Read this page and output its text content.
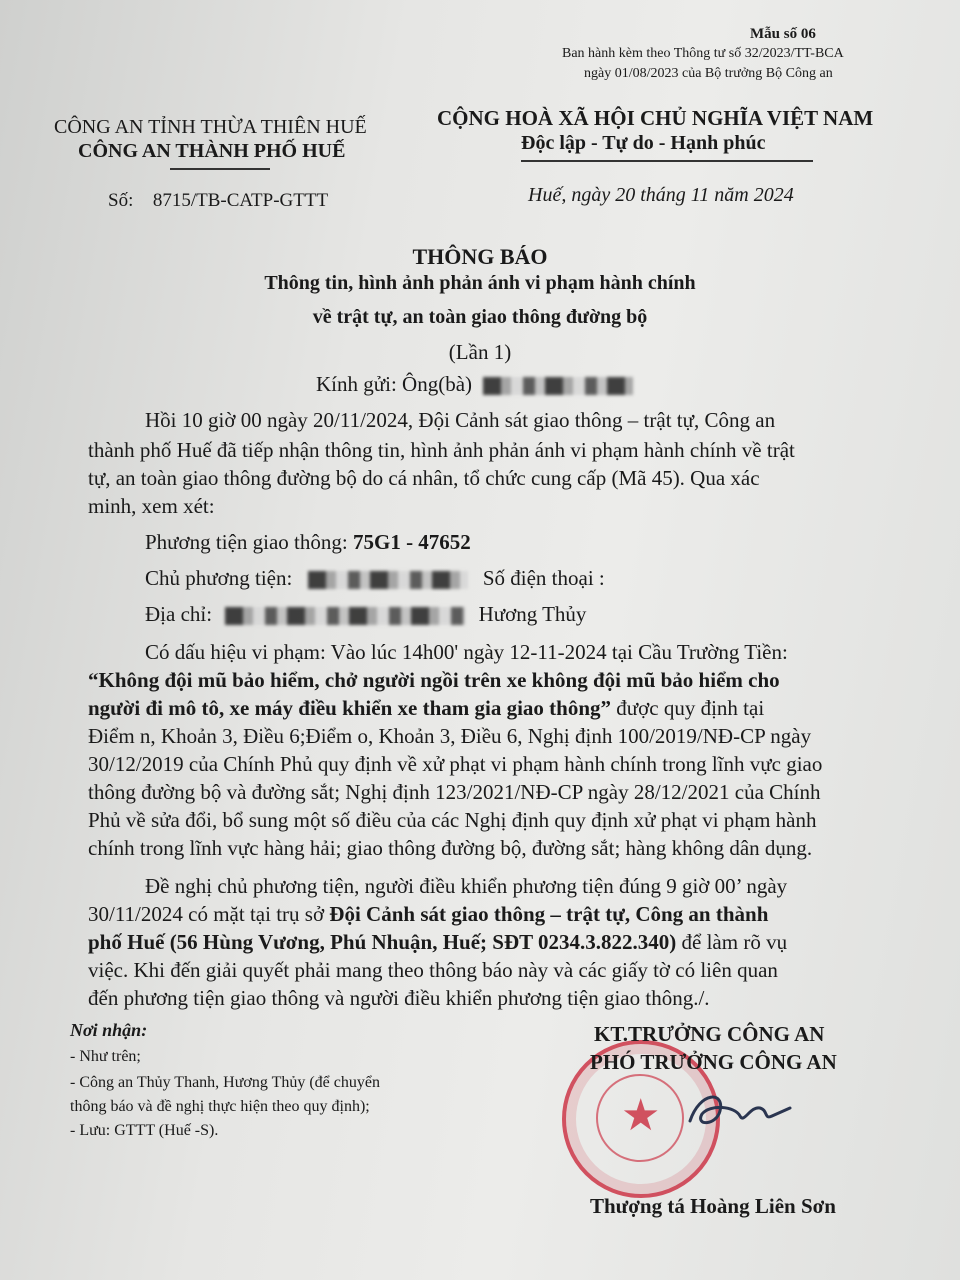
Mẫu số 06
Ban hành kèm theo Thông tư số 32/2023/TT-BCA
ngày 01/08/2023 của Bộ trưởng Bộ Công an
CÔNG AN TỈNH THỪA THIÊN HUẾ
CÔNG AN THÀNH PHỐ HUẾ
Số: 8715/TB-CATP-GTTT
CỘNG HOÀ XÃ HỘI CHỦ NGHĨA VIỆT NAM
Độc lập - Tự do - Hạnh phúc
Huế, ngày 20 tháng 11 năm 2024
THÔNG BÁO
Thông tin, hình ảnh phản ánh vi phạm hành chính
về trật tự, an toàn giao thông đường bộ
(Lần 1)
Kính gửi: Ông(bà)
Hồi 10 giờ 00 ngày 20/11/2024, Đội Cảnh sát giao thông – trật tự, Công an
thành phố Huế đã tiếp nhận thông tin, hình ảnh phản ánh vi phạm hành chính về trật
tự, an toàn giao thông đường bộ do cá nhân, tổ chức cung cấp (Mã 45). Qua xác
minh, xem xét:
Phương tiện giao thông: 75G1 - 47652
Chủ phương tiện:	Số điện thoại :
Địa chỉ:	Hương Thủy
Có dấu hiệu vi phạm: Vào lúc 14h00' ngày 12-11-2024 tại Cầu Trường Tiền:
“Không đội mũ bảo hiểm, chở người ngồi trên xe không đội mũ bảo hiểm cho
người đi mô tô, xe máy điều khiển xe tham gia giao thông” được quy định tại
Điểm n, Khoản 3, Điều 6;Điểm o, Khoản 3, Điều 6, Nghị định 100/2019/NĐ-CP ngày
30/12/2019 của Chính Phủ quy định về xử phạt vi phạm hành chính trong lĩnh vực giao
thông đường bộ và đường sắt; Nghị định 123/2021/NĐ-CP ngày 28/12/2021 của Chính
Phủ về sửa đổi, bổ sung một số điều của các Nghị định quy định xử phạt vi phạm hành
chính trong lĩnh vực hàng hải; giao thông đường bộ, đường sắt; hàng không dân dụng.
Đề nghị chủ phương tiện, người điều khiển phương tiện đúng 9 giờ 00’ ngày
30/11/2024 có mặt tại trụ sở Đội Cảnh sát giao thông – trật tự, Công an thành
phố Huế (56 Hùng Vương, Phú Nhuận, Huế; SĐT 0234.3.822.340) để làm rõ vụ
việc. Khi đến giải quyết phải mang theo thông báo này và các giấy tờ có liên quan
đến phương tiện giao thông và người điều khiển phương tiện giao thông./.
Nơi nhận:
- Như trên;
- Công an Thủy Thanh, Hương Thủy (để chuyển
thông báo và đề nghị thực hiện theo quy định);
- Lưu: GTTT (Huế -S).	★
KT.TRƯỞNG CÔNG AN
PHÓ TRƯỞNG CÔNG AN
Thượng tá Hoàng Liên Sơn
